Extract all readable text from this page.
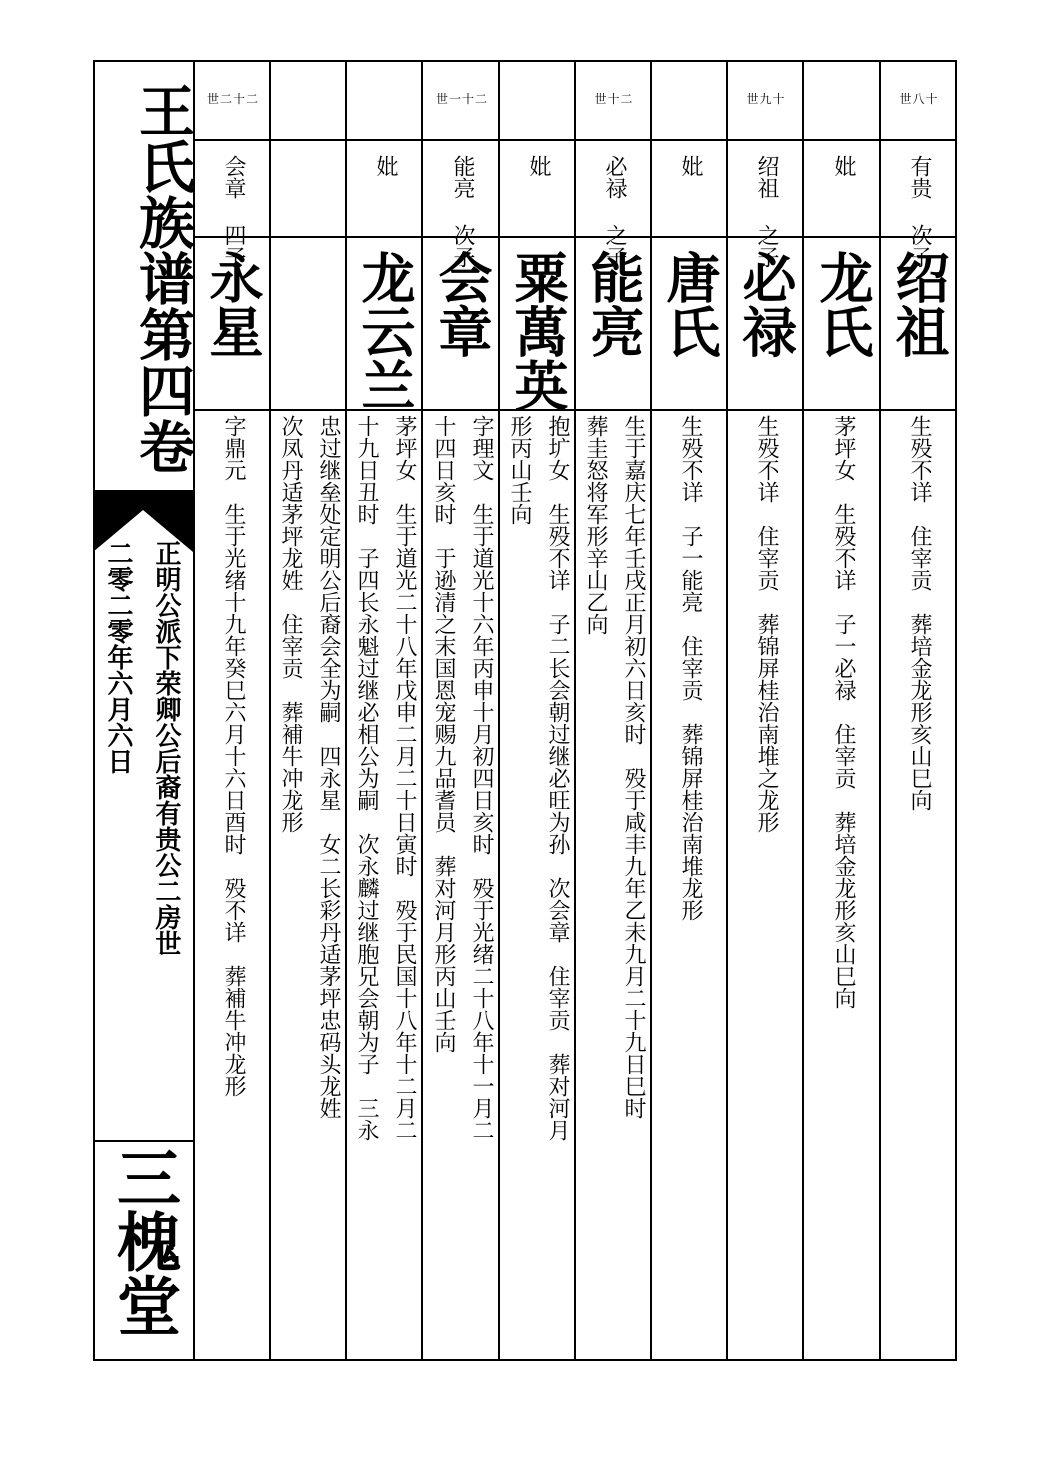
王氏族谱第四卷
正明公派下荣卿公后裔有贵公二房世
二零二零年六月六日
三槐堂
世八十
有贵 次子
绍祖
生殁不详　住宰贡　葬培金龙形亥山巳向
妣
龙氏
茅坪女　生殁不详　子一必禄　住宰贡　葬培金龙形亥山巳向
世九十
绍祖 之子
必禄
生殁不详　住宰贡　葬锦屏桂治南堆之龙形
妣
唐氏
生殁不详　子一能亮　住宰贡　葬锦屏桂治南堆龙形
世十二
必禄 之子
能亮
生于嘉庆七年壬戌正月初六日亥时　殁于咸丰九年乙未九月二十九日巳时
葬圭怒将军形辛山乙向
妣
粟萬英
抱圹女　生殁不详　子二长会朝过继必旺为孙　次会章　住宰贡　葬对河月
形丙山壬向
世一十二
能亮 次子
会章
字理文　生于道光十六年丙申十月初四日亥时　殁于光绪二十八年十一月二
十四日亥时　于逊清之末国恩宠赐九品耆员　葬对河月形丙山壬向
妣
龙云兰
茅坪女　生于道光二十八年戊申二月二十日寅时　殁于民国十八年十二月二
十九日丑时　子四长永魁过继必相公为嗣　次永麟过继胞兄会朝为子　三永
忠过继垒处定明公后裔会全为嗣　四永星　女二长彩丹适茅坪忠码头龙姓
次凤丹适茅坪龙姓　住宰贡　葬補牛冲龙形
世二十二
会章 四子
永星
字鼎元　生于光绪十九年癸巳六月十六日酉时　殁不详　葬補牛冲龙形
